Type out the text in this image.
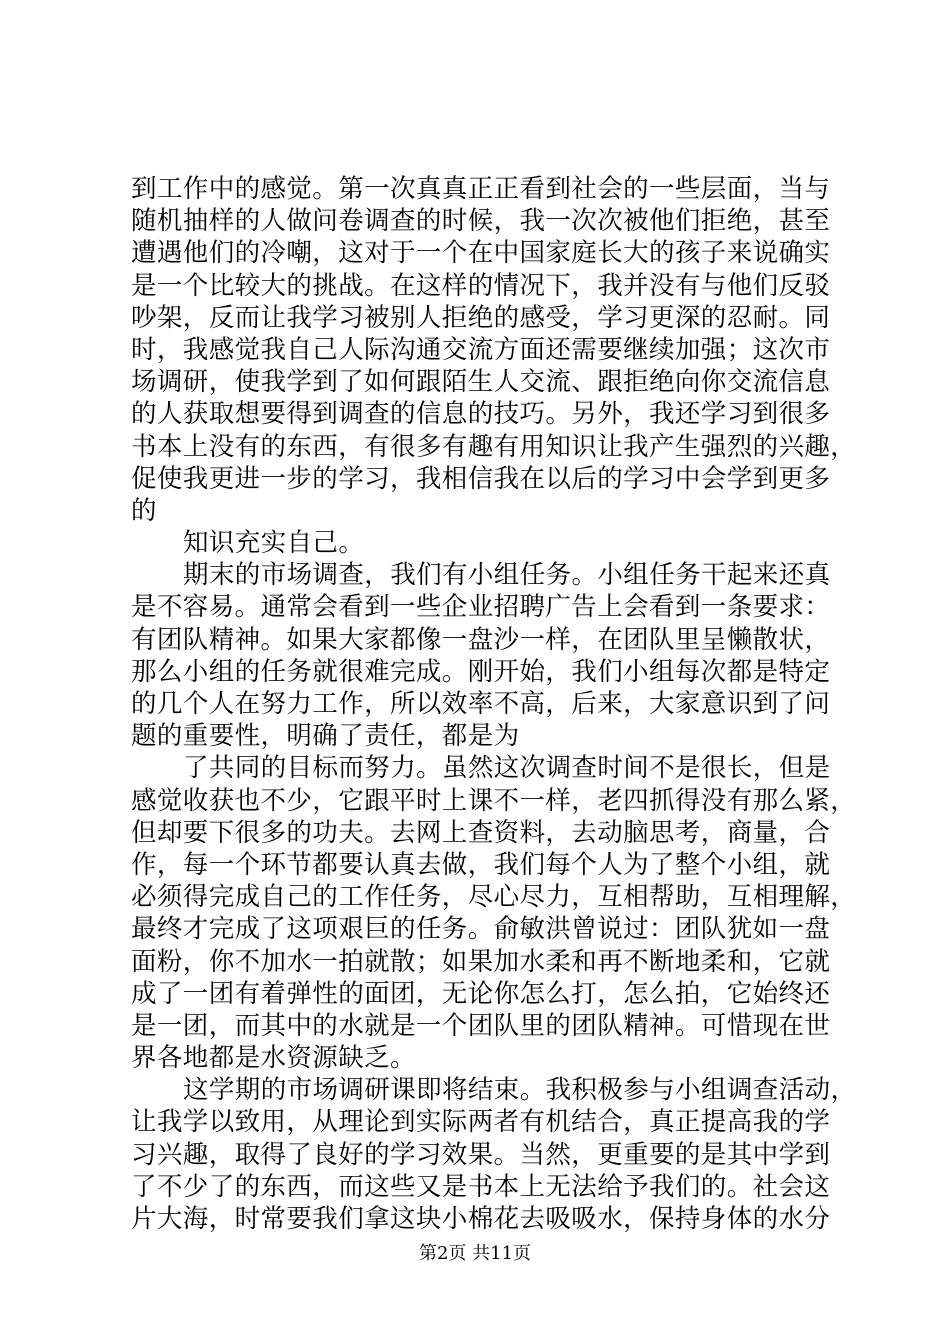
到工作中的感觉。第一次真真正正看到社会的一些层面，当与
随机抽样的人做问卷调查的时候，我一次次被他们拒绝，甚至
遭遇他们的冷嘲，这对于一个在中国家庭长大的孩子来说确实
是一个比较大的挑战。在这样的情况下，我并没有与他们反驳
吵架，反而让我学习被别人拒绝的感受，学习更深的忍耐。同
时，我感觉我自己人际沟通交流方面还需要继续加强；这次市
场调研，使我学到了如何跟陌生人交流、跟拒绝向你交流信息
的人获取想要得到调查的信息的技巧。另外，我还学习到很多
书本上没有的东西，有很多有趣有用知识让我产生强烈的兴趣，
促使我更进一步的学习，我相信我在以后的学习中会学到更多
的
知识充实自己。
期末的市场调查，我们有小组任务。小组任务干起来还真
是不容易。通常会看到一些企业招聘广告上会看到一条要求：
有团队精神。如果大家都像一盘沙一样，在团队里呈懒散状，
那么小组的任务就很难完成。刚开始，我们小组每次都是特定
的几个人在努力工作，所以效率不高，后来，大家意识到了问
题的重要性，明确了责任，都是为
了共同的目标而努力。虽然这次调查时间不是很长，但是
感觉收获也不少，它跟平时上课不一样，老四抓得没有那么紧，
但却要下很多的功夫。去网上查资料，去动脑思考，商量，合
作，每一个环节都要认真去做，我们每个人为了整个小组，就
必须得完成自己的工作任务，尽心尽力，互相帮助，互相理解，
最终才完成了这项艰巨的任务。俞敏洪曾说过：团队犹如一盘
面粉，你不加水一拍就散；如果加水柔和再不断地柔和，它就
成了一团有着弹性的面团，无论你怎么打，怎么拍，它始终还
是一团，而其中的水就是一个团队里的团队精神。可惜现在世
界各地都是水资源缺乏。
这学期的市场调研课即将结束。我积极参与小组调查活动，
让我学以致用，从理论到实际两者有机结合，真正提高我的学
习兴趣，取得了良好的学习效果。当然，更重要的是其中学到
了不少了的东西，而这些又是书本上无法给予我们的。社会这
片大海，时常要我们拿这块小棉花去吸吸水，保持身体的水分
第2页 共11页
